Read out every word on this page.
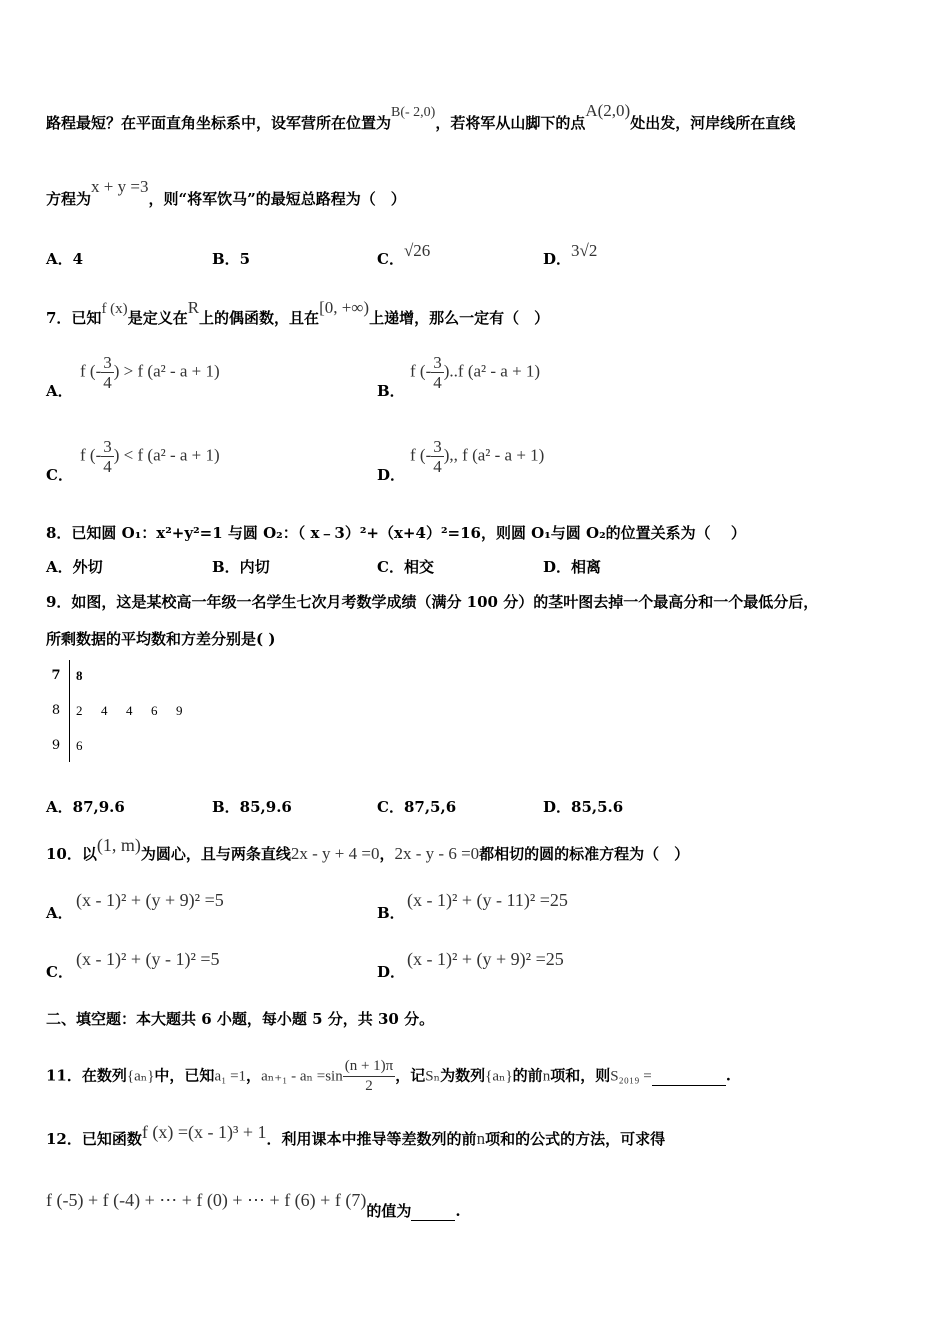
路程最短？在平面直角坐标系中，设军营所在位置为B(- 2,0)，若将军从山脚下的点A(2,0)处出发，河岸线所在直线
方程为x + y =3，则“将军饮马”的最短总路程为（　）
A．4	B．5	C．√26	D．3√2
7．已知f (x)是定义在R上的偶函数，且在[0, +∞)上递增，那么一定有（　）
A．
f (- $\frac{3}{4}$ ) > f (a² - a + 1)
B．
f (- $\frac{3}{4} )..f$ (a² - a + 1)
C．
f (- $\frac{3}{4}$ ) < f (a² - a + 1)
D．
f (- $\frac{3}{4}$ ),, f (a² - a + 1)
8．已知圆 O₁：x²+y²=1 与圆 O₂：（ x﹣3）²+（x+4）²=16，则圆 O₁与圆 O₂的位置关系为（　 ）
A．外切	B．内切	C．相交	D．相离
9．如图，这是某校高一年级一名学生七次月考数学成绩（满分 100 分）的茎叶图去掉一个最高分和一个最低分后，
所剩数据的平均数和方差分别是( )
7 8
8 2 4 4 6 9
9 6
A．87,9.6	B．85,9.6	C．87,5,6	D．85,5.6
10．以(1, m)为圆心，且与两条直线2x - y + 4 =0，2x - y - 6 =0都相切的圆的标准方程为（　）
A．
(x - 1)² + (y + 9)² =5
B．
(x - 1)² + (y - 11)² =25
C．
(x - 1)² + (y - 1)² =5
D．
(x - 1)² + (y + 9)² =25
二、填空题：本大题共 6 小题，每小题 5 分，共 30 分。
11．在数列{aₙ}中，已知a₁ =1，$a_{n+1} - a_n =\sin \frac{(n + 1)\pi}{2}$ ，记Sₙ为数列{aₙ}的前n项和，则S₂₀₁₉ =	.
12．已知函数f (x) =(x - 1)³ + 1．利用课本中推导等差数列的前n项和的公式的方法，可求得
f (-5) + f (-4) + ⋯ + f (0) + ⋯ + f (6) + f (7)的值为	.
